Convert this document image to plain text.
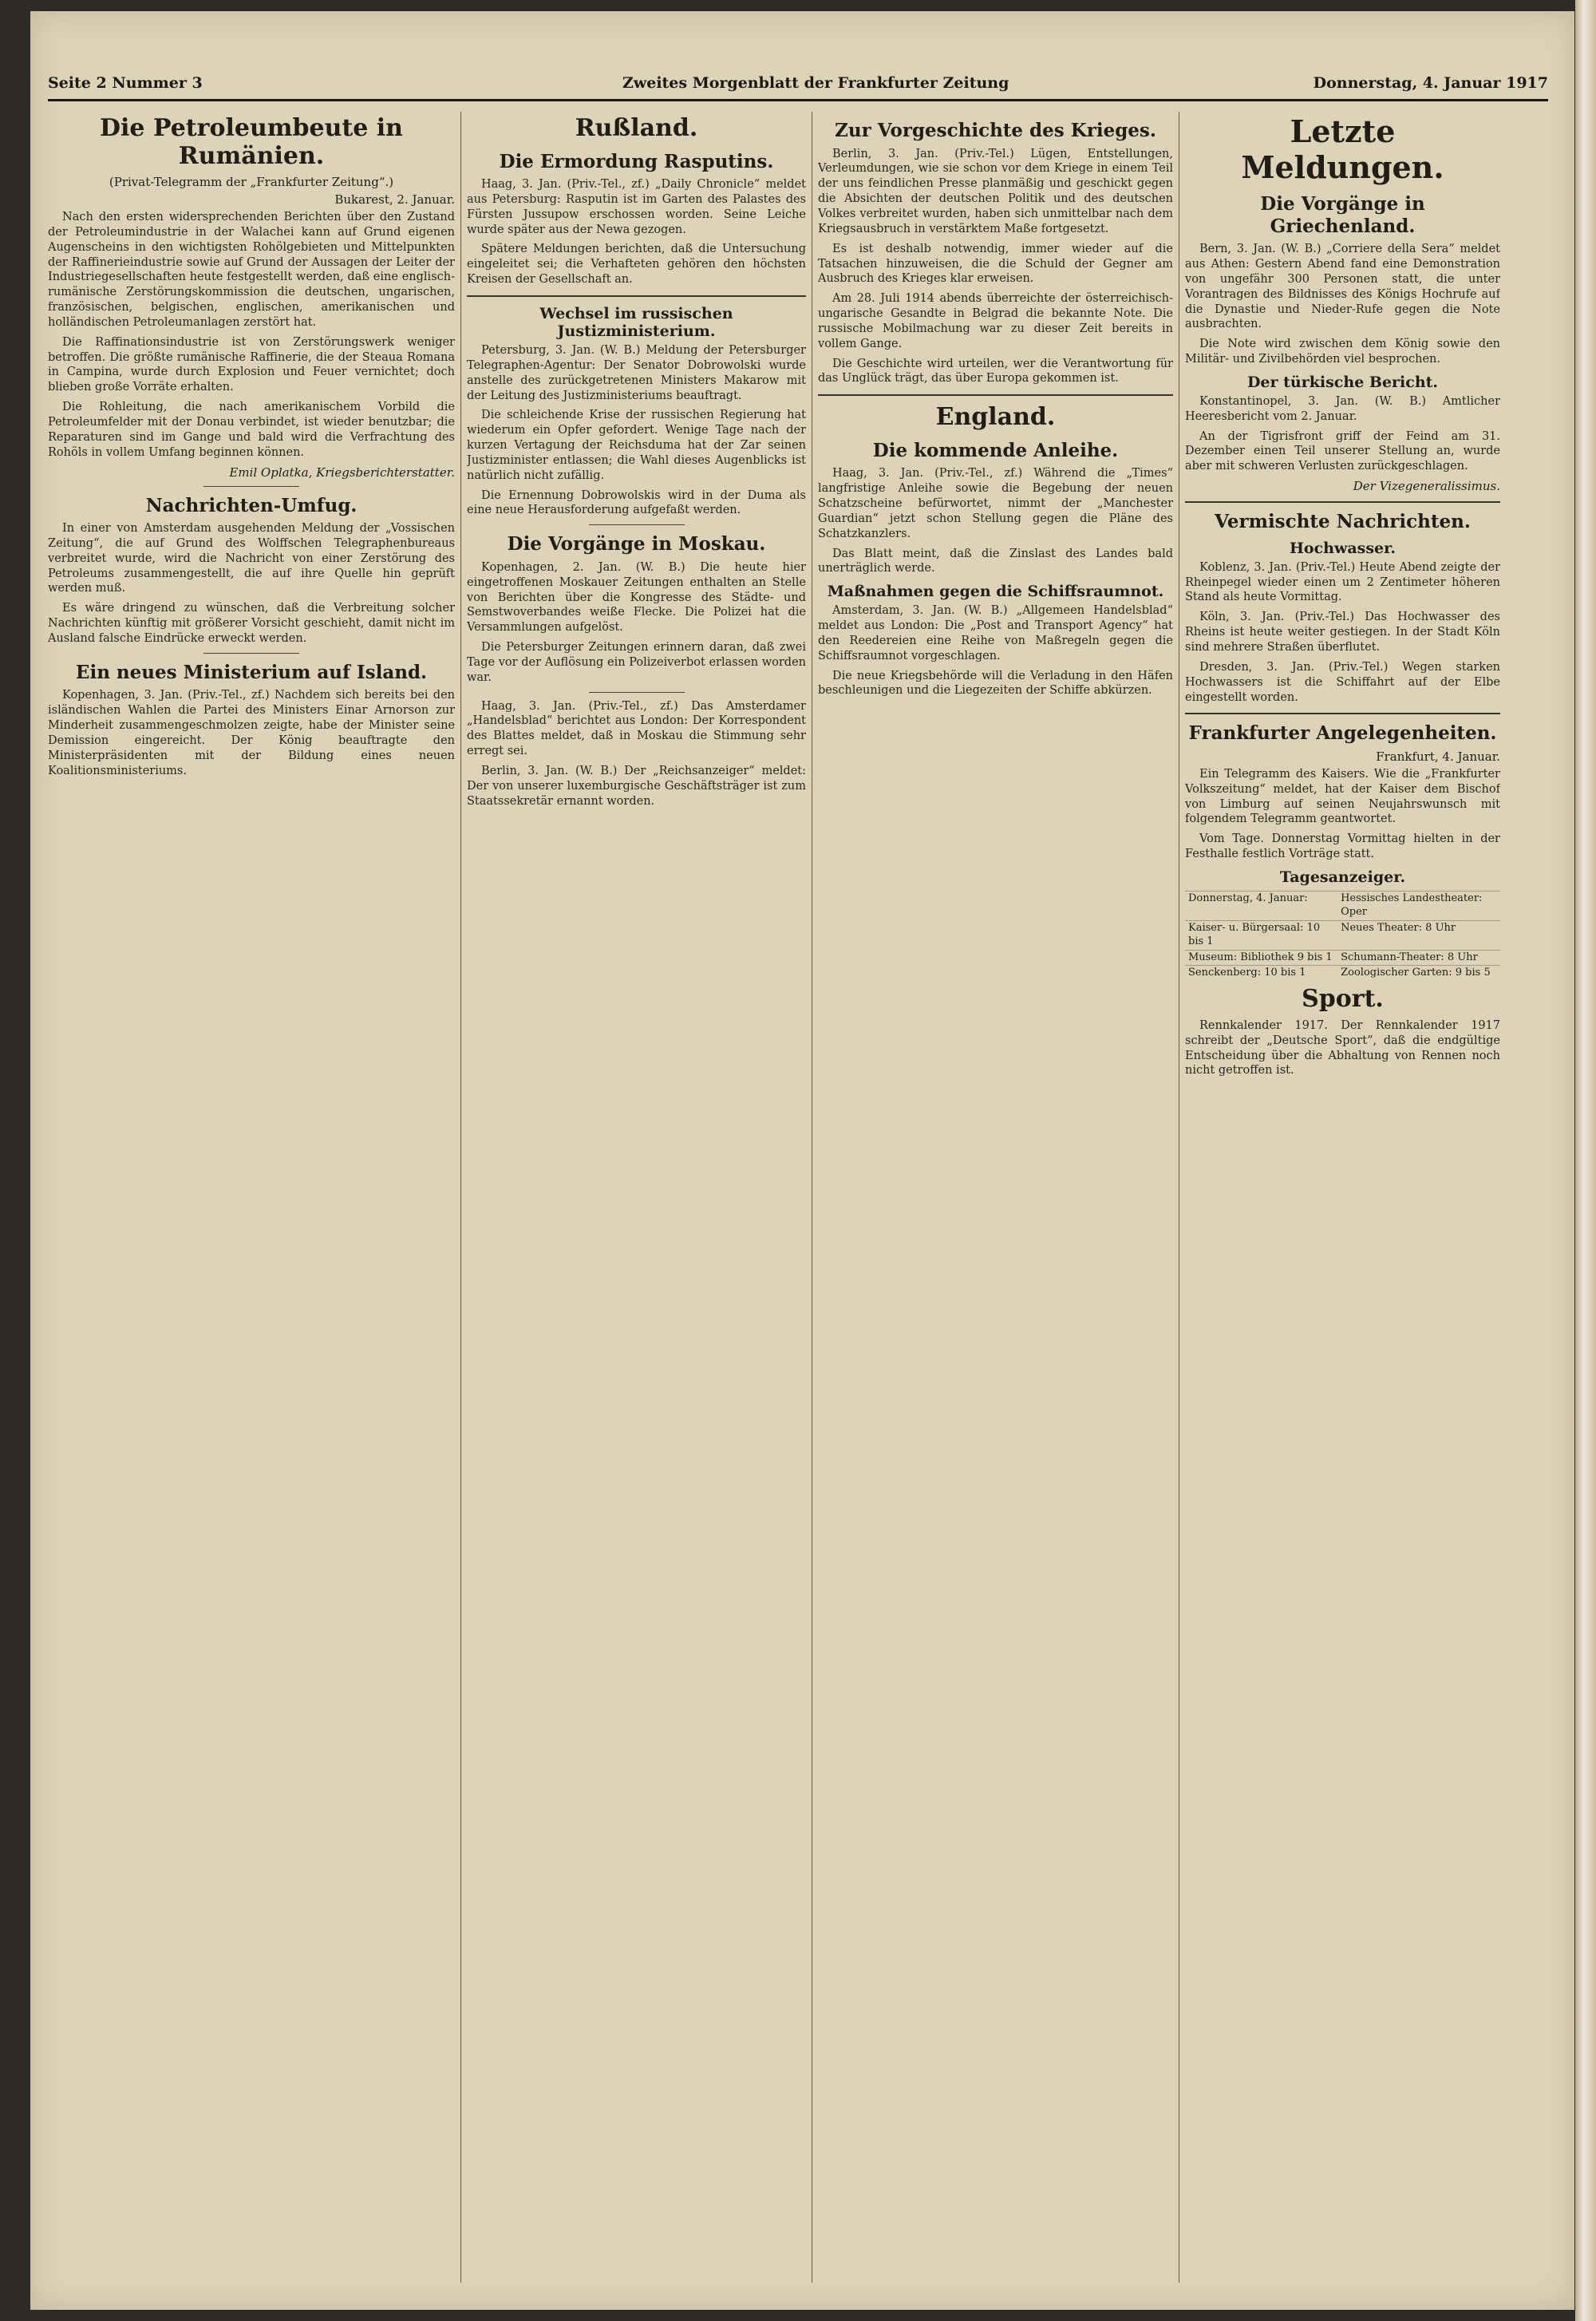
Seite 2 Nummer 3	Zweites Morgenblatt der Frankfurter Zeitung	Donnerstag, 4. Januar 1917
Die Petroleumbeute in Rumänien.
(Privat-Telegramm der „Frankfurter Zeitung“.)
Bukarest, 2. Januar.

Nach den ersten widersprechenden Berichten über den Zustand der Petroleumindustrie in der Walachei kann auf Grund eigenen Augenscheins in den wichtigsten Rohölgebieten und Mittelpunkten der Raffinerieindustrie sowie auf Grund der Aussagen der Leiter der Industriegesellschaften heute festgestellt werden, daß eine englisch-rumänische Zerstörungskommission die deutschen, ungarischen, französischen, belgischen, englischen, amerikanischen und holländischen Petroleumanlagen zerstört hat.

Die Raffinationsindustrie ist von Zerstörungswerk weniger betroffen. Die größte rumänische Raffinerie, die der Steaua Romana in Campina, wurde durch Explosion und Feuer vernichtet; doch blieben große Vorräte erhalten.

Die Rohleitung, die nach amerikanischem Vorbild die Petroleumfelder mit der Donau verbindet, ist wieder benutzbar; die Reparaturen sind im Gange und bald wird die Verfrachtung des Rohöls in vollem Umfang beginnen können.

Emil Oplatka, Kriegsberichterstatter.
Nachrichten-Umfug.

In einer von Amsterdam ausgehenden Meldung der „Vossischen Zeitung“, die auf Grund des Wolffschen Telegraphenbureaus verbreitet wurde, wird die Nachricht von einer Zerstörung des Petroleums zusammengestellt, die auf ihre Quelle hin geprüft werden muß.

Es wäre dringend zu wünschen, daß die Verbreitung solcher Nachrichten künftig mit größerer Vorsicht geschieht, damit nicht im Ausland falsche Eindrücke erweckt werden.

Ein neues Ministerium auf Island.

Kopenhagen, 3. Jan. (Priv.-Tel., zf.) Nachdem sich bereits bei den isländischen Wahlen die Partei des Ministers Einar Arnorson zur Minderheit zusammengeschmolzen zeigte, habe der Minister seine Demission eingereicht. Der König beauftragte den Ministerpräsidenten mit der Bildung eines neuen Koalitionsministeriums.

Rußland.
Die Ermordung Rasputins.

Haag, 3. Jan. (Priv.-Tel., zf.) „Daily Chronicle“ meldet aus Petersburg: Rasputin ist im Garten des Palastes des Fürsten Jussupow erschossen worden. Seine Leiche wurde später aus der Newa gezogen.

Spätere Meldungen berichten, daß die Untersuchung eingeleitet sei; die Verhafteten gehören den höchsten Kreisen der Gesellschaft an.

Wechsel im russischen Justizministerium.

Petersburg, 3. Jan. (W. B.) Meldung der Petersburger Telegraphen-Agentur: Der Senator Dobrowolski wurde anstelle des zurückgetretenen Ministers Makarow mit der Leitung des Justizministeriums beauftragt.

Die schleichende Krise der russischen Regierung hat wiederum ein Opfer gefordert. Wenige Tage nach der kurzen Vertagung der Reichsduma hat der Zar seinen Justizminister entlassen; die Wahl dieses Augenblicks ist natürlich nicht zufällig.

Die Ernennung Dobrowolskis wird in der Duma als eine neue Herausforderung aufgefaßt werden.

Die Vorgänge in Moskau.

Kopenhagen, 2. Jan. (W. B.) Die heute hier eingetroffenen Moskauer Zeitungen enthalten an Stelle von Berichten über die Kongresse des Städte- und Semstwoverbandes weiße Flecke. Die Polizei hat die Versammlungen aufgelöst.

Die Petersburger Zeitungen erinnern daran, daß zwei Tage vor der Auflösung ein Polizeiverbot erlassen worden war.

Haag, 3. Jan. (Priv.-Tel., zf.) Das Amsterdamer „Handelsblad“ berichtet aus London: Der Korrespondent des Blattes meldet, daß in Moskau die Stimmung sehr erregt sei.

Berlin, 3. Jan. (W. B.) Der „Reichsanzeiger“ meldet: Der von unserer luxemburgische Geschäftsträger ist zum Staatssekretär ernannt worden.

Zur Vorgeschichte des Krieges.

Berlin, 3. Jan. (Priv.-Tel.) Lügen, Entstellungen, Verleumdungen, wie sie schon vor dem Kriege in einem Teil der uns feindlichen Presse planmäßig und geschickt gegen die Absichten der deutschen Politik und des deutschen Volkes verbreitet wurden, haben sich unmittelbar nach dem Kriegsausbruch in verstärktem Maße fortgesetzt.

Es ist deshalb notwendig, immer wieder auf die Tatsachen hinzuweisen, die die Schuld der Gegner am Ausbruch des Krieges klar erweisen.

Am 28. Juli 1914 abends überreichte der österreichisch-ungarische Gesandte in Belgrad die bekannte Note. Die russische Mobilmachung war zu dieser Zeit bereits in vollem Gange.

Die Geschichte wird urteilen, wer die Verantwortung für das Unglück trägt, das über Europa gekommen ist.

England.
Die kommende Anleihe.

Haag, 3. Jan. (Priv.-Tel., zf.) Während die „Times“ langfristige Anleihe sowie die Begebung der neuen Schatzscheine befürwortet, nimmt der „Manchester Guardian“ jetzt schon Stellung gegen die Pläne des Schatzkanzlers.

Das Blatt meint, daß die Zinslast des Landes bald unerträglich werde.

Maßnahmen gegen die Schiffsraumnot.

Amsterdam, 3. Jan. (W. B.) „Allgemeen Handelsblad“ meldet aus London: Die „Post and Transport Agency“ hat den Reedereien eine Reihe von Maßregeln gegen die Schiffsraumnot vorgeschlagen.

Die neue Kriegsbehörde will die Verladung in den Häfen beschleunigen und die Liegezeiten der Schiffe abkürzen.

Letzte Meldungen.
Die Vorgänge in Griechenland.

Bern, 3. Jan. (W. B.) „Corriere della Sera“ meldet aus Athen: Gestern Abend fand eine Demonstration von ungefähr 300 Personen statt, die unter Vorantragen des Bildnisses des Königs Hochrufe auf die Dynastie und Nieder-Rufe gegen die Note ausbrachten.

Die Note wird zwischen dem König sowie den Militär- und Zivilbehörden viel besprochen.

Der türkische Bericht.

Konstantinopel, 3. Jan. (W. B.) Amtlicher Heeresbericht vom 2. Januar.

An der Tigrisfront griff der Feind am 31. Dezember einen Teil unserer Stellung an, wurde aber mit schweren Verlusten zurückgeschlagen.

Der Vizegeneralissimus.
Vermischte Nachrichten.
Hochwasser.

Koblenz, 3. Jan. (Priv.-Tel.) Heute Abend zeigte der Rheinpegel wieder einen um 2 Zentimeter höheren Stand als heute Vormittag.

Köln, 3. Jan. (Priv.-Tel.) Das Hochwasser des Rheins ist heute weiter gestiegen. In der Stadt Köln sind mehrere Straßen überflutet.

Dresden, 3. Jan. (Priv.-Tel.) Wegen starken Hochwassers ist die Schiffahrt auf der Elbe eingestellt worden.

Frankfurter Angelegenheiten.
Frankfurt, 4. Januar.

Ein Telegramm des Kaisers. Wie die „Frankfurter Volkszeitung“ meldet, hat der Kaiser dem Bischof von Limburg auf seinen Neujahrswunsch mit folgendem Telegramm geantwortet.

Vom Tage. Donnerstag Vormittag hielten in der Festhalle festlich Vorträge statt.

Tagesanzeiger.
Donnerstag, 4. Januar:	Hessisches Landestheater: Oper
Kaiser- u. Bürgersaal: 10 bis 1	Neues Theater: 8 Uhr
Museum: Bibliothek 9 bis 1	Schumann-Theater: 8 Uhr
Senckenberg: 10 bis 1	Zoologischer Garten: 9 bis 5
Sport.

Rennkalender 1917. Der Rennkalender 1917 schreibt der „Deutsche Sport“, daß die endgültige Entscheidung über die Abhaltung von Rennen noch nicht getroffen ist.
